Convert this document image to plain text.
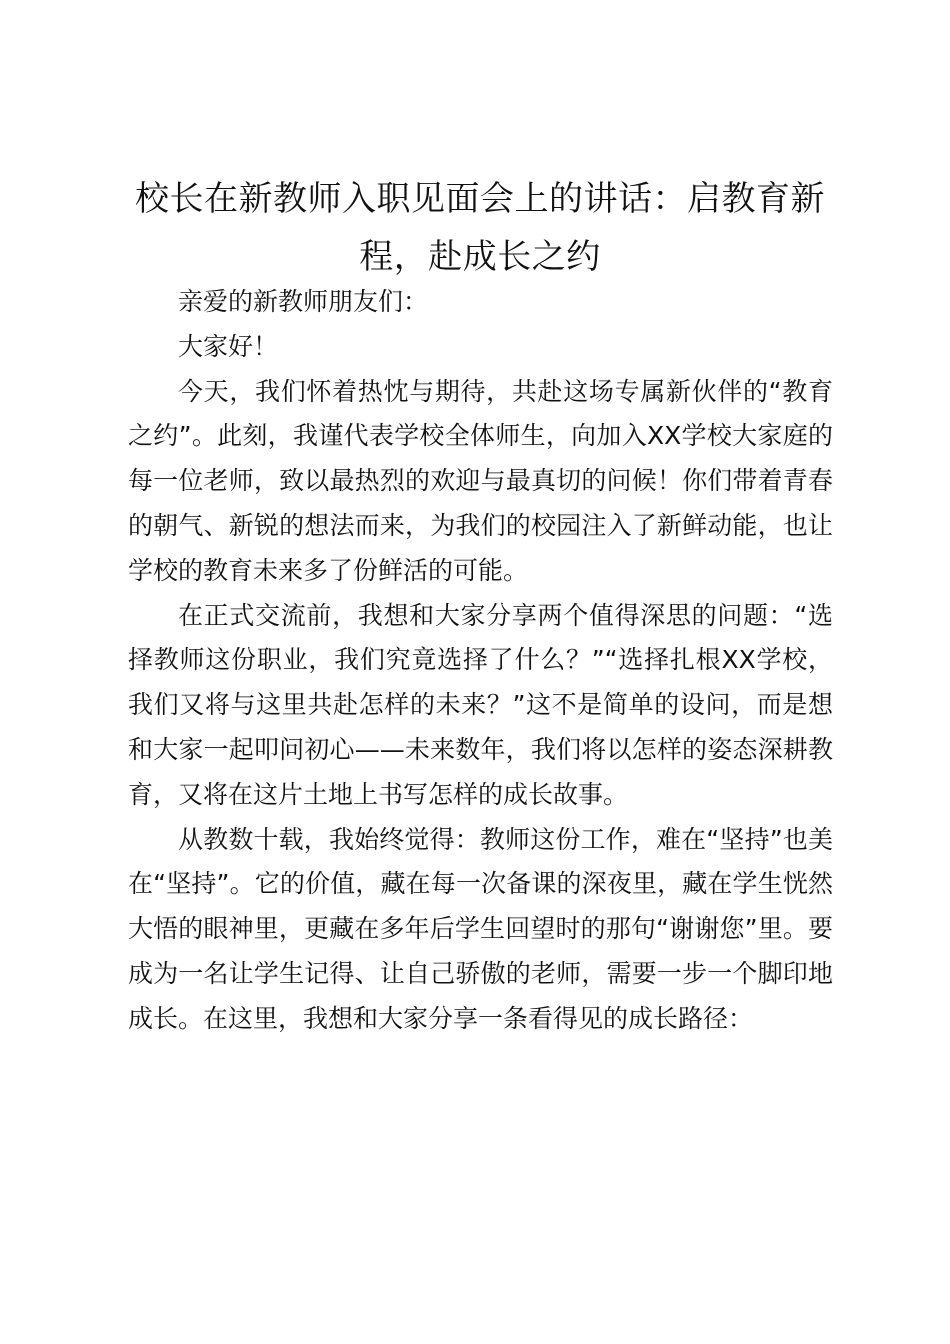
校长在新教师入职见面会上的讲话：启教育新程，赴成长之约

亲爱的新教师朋友们：

大家好！

今天，我们怀着热忱与期待，共赴这场专属新伙伴的“教育之约”。此刻，我谨代表学校全体师生，向加入XX学校大家庭的每一位老师，致以最热烈的欢迎与最真切的问候！你们带着青春的朝气、新锐的想法而来，为我们的校园注入了新鲜动能，也让学校的教育未来多了份鲜活的可能。

在正式交流前，我想和大家分享两个值得深思的问题：“选择教师这份职业，我们究竟选择了什么？”“选择扎根XX学校，我们又将与这里共赴怎样的未来？”这不是简单的设问，而是想和大家一起叩问初心——未来数年，我们将以怎样的姿态深耕教育，又将在这片土地上书写怎样的成长故事。

从教数十载，我始终觉得：教师这份工作，难在“坚持”也美在“坚持”。它的价值，藏在每一次备课的深夜里，藏在学生恍然大悟的眼神里，更藏在多年后学生回望时的那句“谢谢您”里。要成为一名让学生记得、让自己骄傲的老师，需要一步一个脚印地成长。在这里，我想和大家分享一条看得见的成长路径：
